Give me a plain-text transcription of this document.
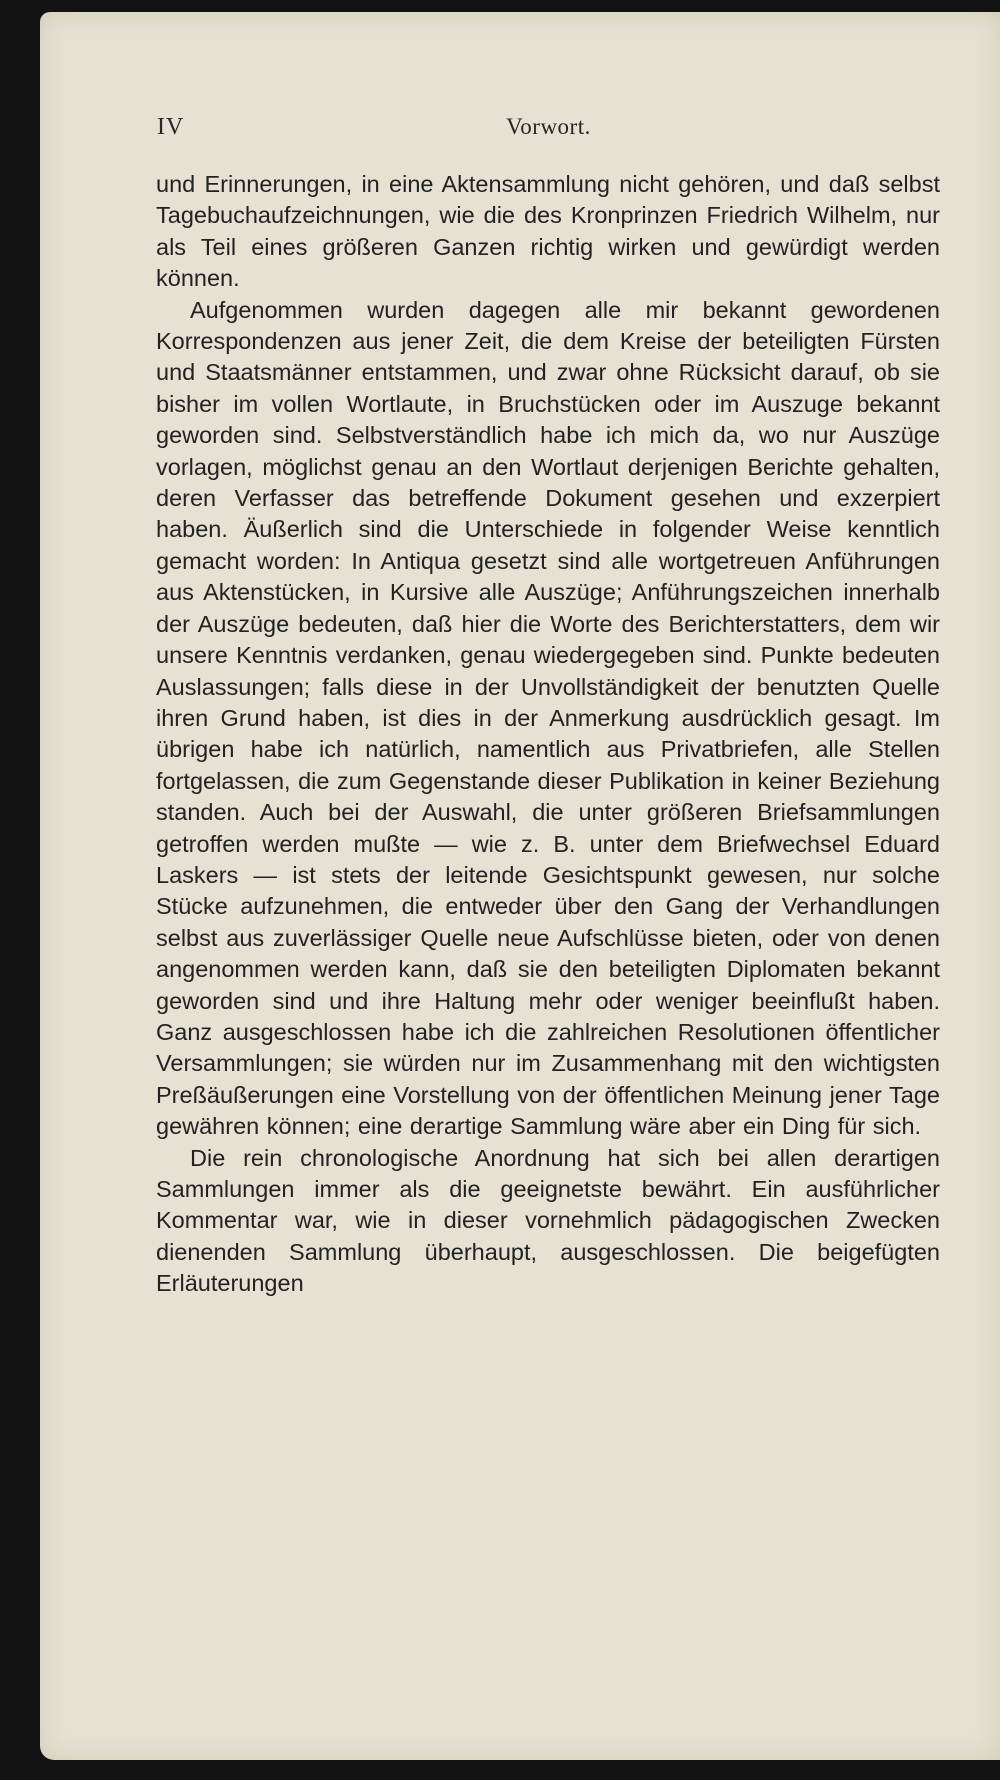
IV	Vorwort.

und Erinnerungen, in eine Aktensammlung nicht gehören, und daß selbst Tagebuchaufzeichnungen, wie die des Kronprinzen Friedrich Wilhelm, nur als Teil eines größeren Ganzen richtig wirken und gewürdigt werden können.

Aufgenommen wurden dagegen alle mir bekannt gewordenen Korrespondenzen aus jener Zeit, die dem Kreise der beteiligten Fürsten und Staatsmänner entstammen, und zwar ohne Rücksicht darauf, ob sie bisher im vollen Wortlaute, in Bruchstücken oder im Auszuge bekannt geworden sind. Selbstverständlich habe ich mich da, wo nur Auszüge vorlagen, möglichst genau an den Wortlaut derjenigen Berichte gehalten, deren Verfasser das betreffende Dokument gesehen und exzerpiert haben. Äußerlich sind die Unterschiede in folgender Weise kenntlich gemacht worden: In Antiqua gesetzt sind alle wortgetreuen Anführungen aus Aktenstücken, in Kursive alle Auszüge; Anführungszeichen innerhalb der Auszüge bedeuten, daß hier die Worte des Berichterstatters, dem wir unsere Kenntnis verdanken, genau wiedergegeben sind. Punkte bedeuten Auslassungen; falls diese in der Unvollständigkeit der benutzten Quelle ihren Grund haben, ist dies in der Anmerkung ausdrücklich gesagt. Im übrigen habe ich natürlich, namentlich aus Privatbriefen, alle Stellen fortgelassen, die zum Gegenstande dieser Publikation in keiner Beziehung standen. Auch bei der Auswahl, die unter größeren Briefsammlungen getroffen werden mußte — wie z. B. unter dem Briefwechsel Eduard Laskers — ist stets der leitende Gesichtspunkt gewesen, nur solche Stücke aufzunehmen, die entweder über den Gang der Verhandlungen selbst aus zuverlässiger Quelle neue Aufschlüsse bieten, oder von denen angenommen werden kann, daß sie den beteiligten Diplomaten bekannt geworden sind und ihre Haltung mehr oder weniger beeinflußt haben. Ganz ausgeschlossen habe ich die zahlreichen Resolutionen öffentlicher Versammlungen; sie würden nur im Zusammenhang mit den wichtigsten Preßäußerungen eine Vorstellung von der öffentlichen Meinung jener Tage gewähren können; eine derartige Sammlung wäre aber ein Ding für sich.

Die rein chronologische Anordnung hat sich bei allen derartigen Sammlungen immer als die geeignetste bewährt. Ein ausführlicher Kommentar war, wie in dieser vornehmlich pädagogischen Zwecken dienenden Sammlung überhaupt, ausgeschlossen. Die beigefügten Erläuterungen
